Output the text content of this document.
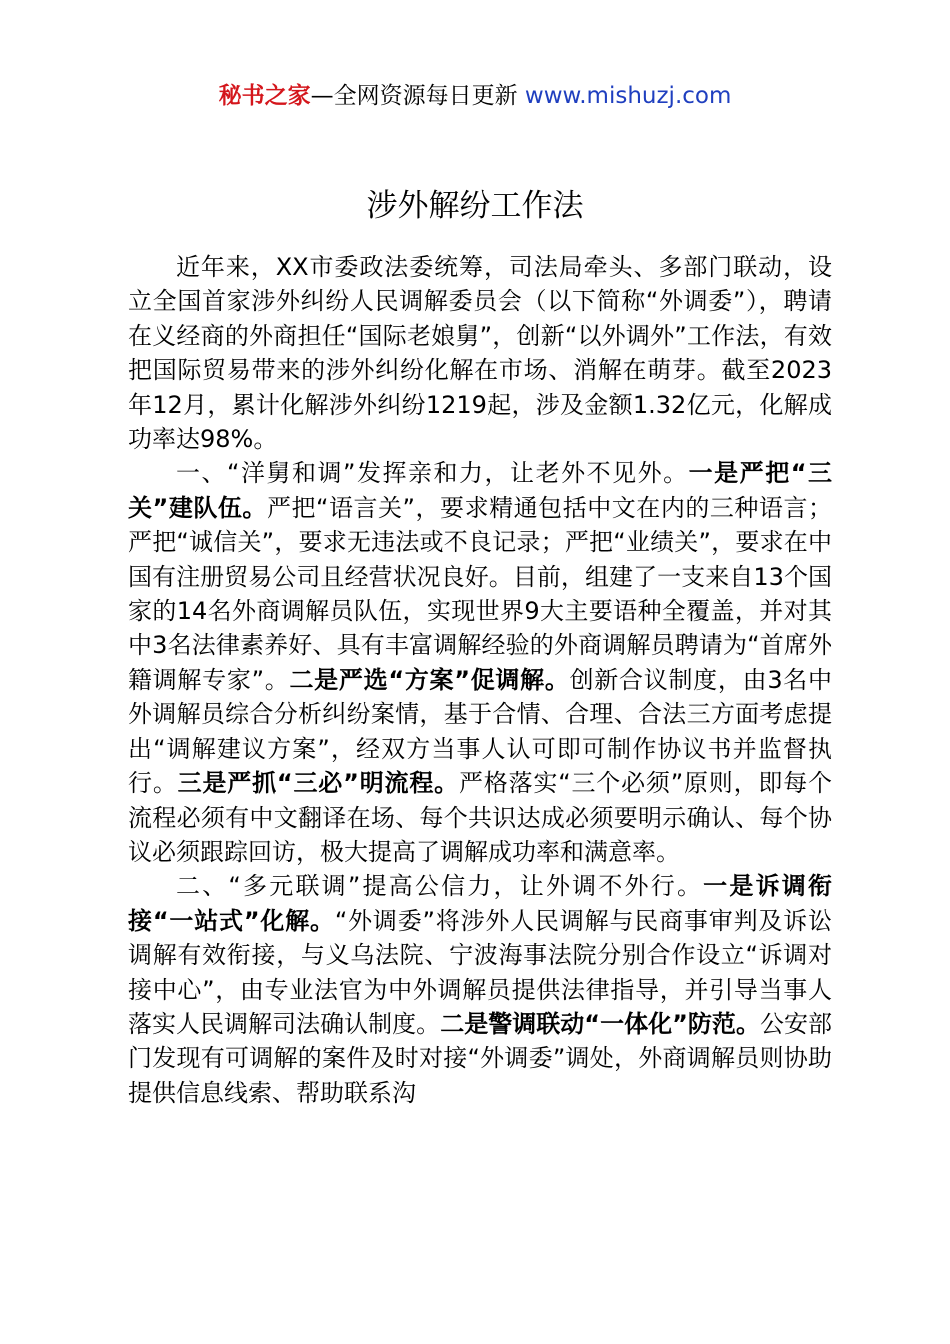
秘书之家—全网资源每日更新 www.mishuzj.com
涉外解纷工作法

近年来，XX市委政法委统筹，司法局牵头、多部门联动，设立全国首家涉外纠纷人民调解委员会（以下简称“外调委”），聘请在义经商的外商担任“国际老娘舅”，创新“以外调外”工作法，有效把国际贸易带来的涉外纠纷化解在市场、消解在萌芽。截至2023年12月，累计化解涉外纠纷1219起，涉及金额1.32亿元，化解成功率达98%。

一、“洋舅和调”发挥亲和力，让老外不见外。一是严把“三关”建队伍。严把“语言关”，要求精通包括中文在内的三种语言；严把“诚信关”，要求无违法或不良记录；严把“业绩关”，要求在中国有注册贸易公司且经营状况良好。目前，组建了一支来自13个国家的14名外商调解员队伍，实现世界9大主要语种全覆盖，并对其中3名法律素养好、具有丰富调解经验的外商调解员聘请为“首席外籍调解专家”。二是严选“方案”促调解。创新合议制度，由3名中外调解员综合分析纠纷案情，基于合情、合理、合法三方面考虑提出“调解建议方案”，经双方当事人认可即可制作协议书并监督执行。三是严抓“三必”明流程。严格落实“三个必须”原则，即每个流程必须有中文翻译在场、每个共识达成必须要明示确认、每个协议必须跟踪回访，极大提高了调解成功率和满意率。

二、“多元联调”提高公信力，让外调不外行。一是诉调衔接“一站式”化解。“外调委”将涉外人民调解与民商事审判及诉讼调解有效衔接，与义乌法院、宁波海事法院分别合作设立“诉调对接中心”，由专业法官为中外调解员提供法律指导，并引导当事人落实人民调解司法确认制度。二是警调联动“一体化”防范。公安部门发现有可调解的案件及时对接“外调委”调处，外商调解员则协助提供信息线索、帮助联系沟
